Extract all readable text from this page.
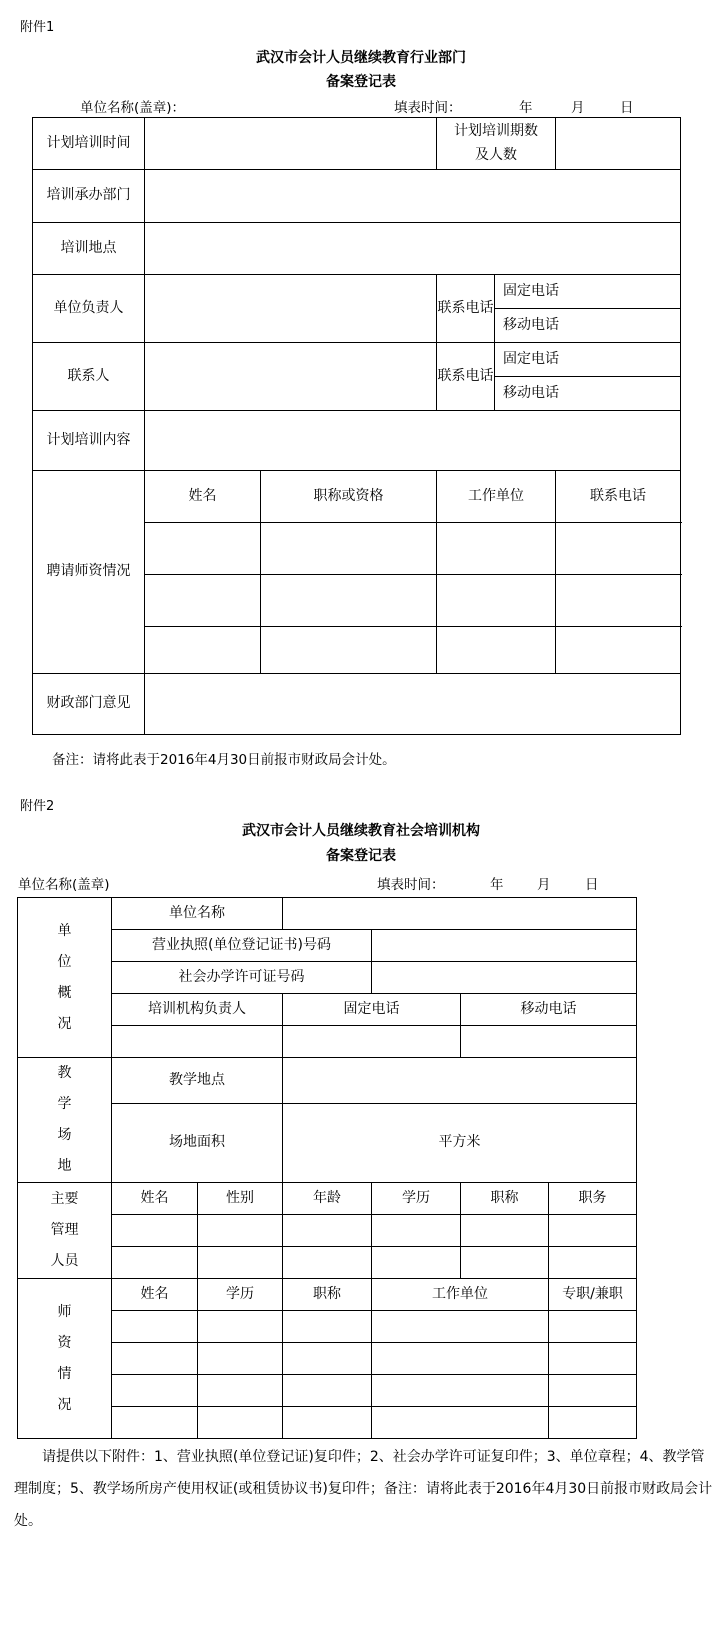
附件1
武汉市会计人员继续教育行业部门
备案登记表
单位名称(盖章)：	填表时间：	年	月	日
计划培训时间			计划培训期数
及人数		
培训承办部门					
培训地点					
单位负责人			联系电话	固定电话	
				移动电话	
联系人			联系电话	固定电话	
				移动电话	
计划培训内容					
聘请师资情况	姓名	职称或资格	工作单位		联系电话

财政部门意见					
备注：请将此表于2016年4月30日前报市财政局会计处。
附件2
武汉市会计人员继续教育社会培训机构
备案登记表
单位名称(盖章)	填表时间：	年 月	日
单
位
概
况	单位名称					
	营业执照(单位登记证书)号码					
	社会办学许可证号码					
	培训机构负责人		固定电话		移动电话	

教
学
场
地	教学地点					
	场地面积		平方米			

主要
管理
人员	姓名	性别	年龄	学历	职称	职务

师
资
情
况	姓名	学历	职称	工作单位		专职/兼职

请提供以下附件：1、营业执照(单位登记证)复印件；2、社会办学许可证复印件；3、单位章程；4、教学管理制度；5、教学场所房产使用权证(或租赁协议书)复印件；备注：请将此表于2016年4月30日前报市财政局会计处。
